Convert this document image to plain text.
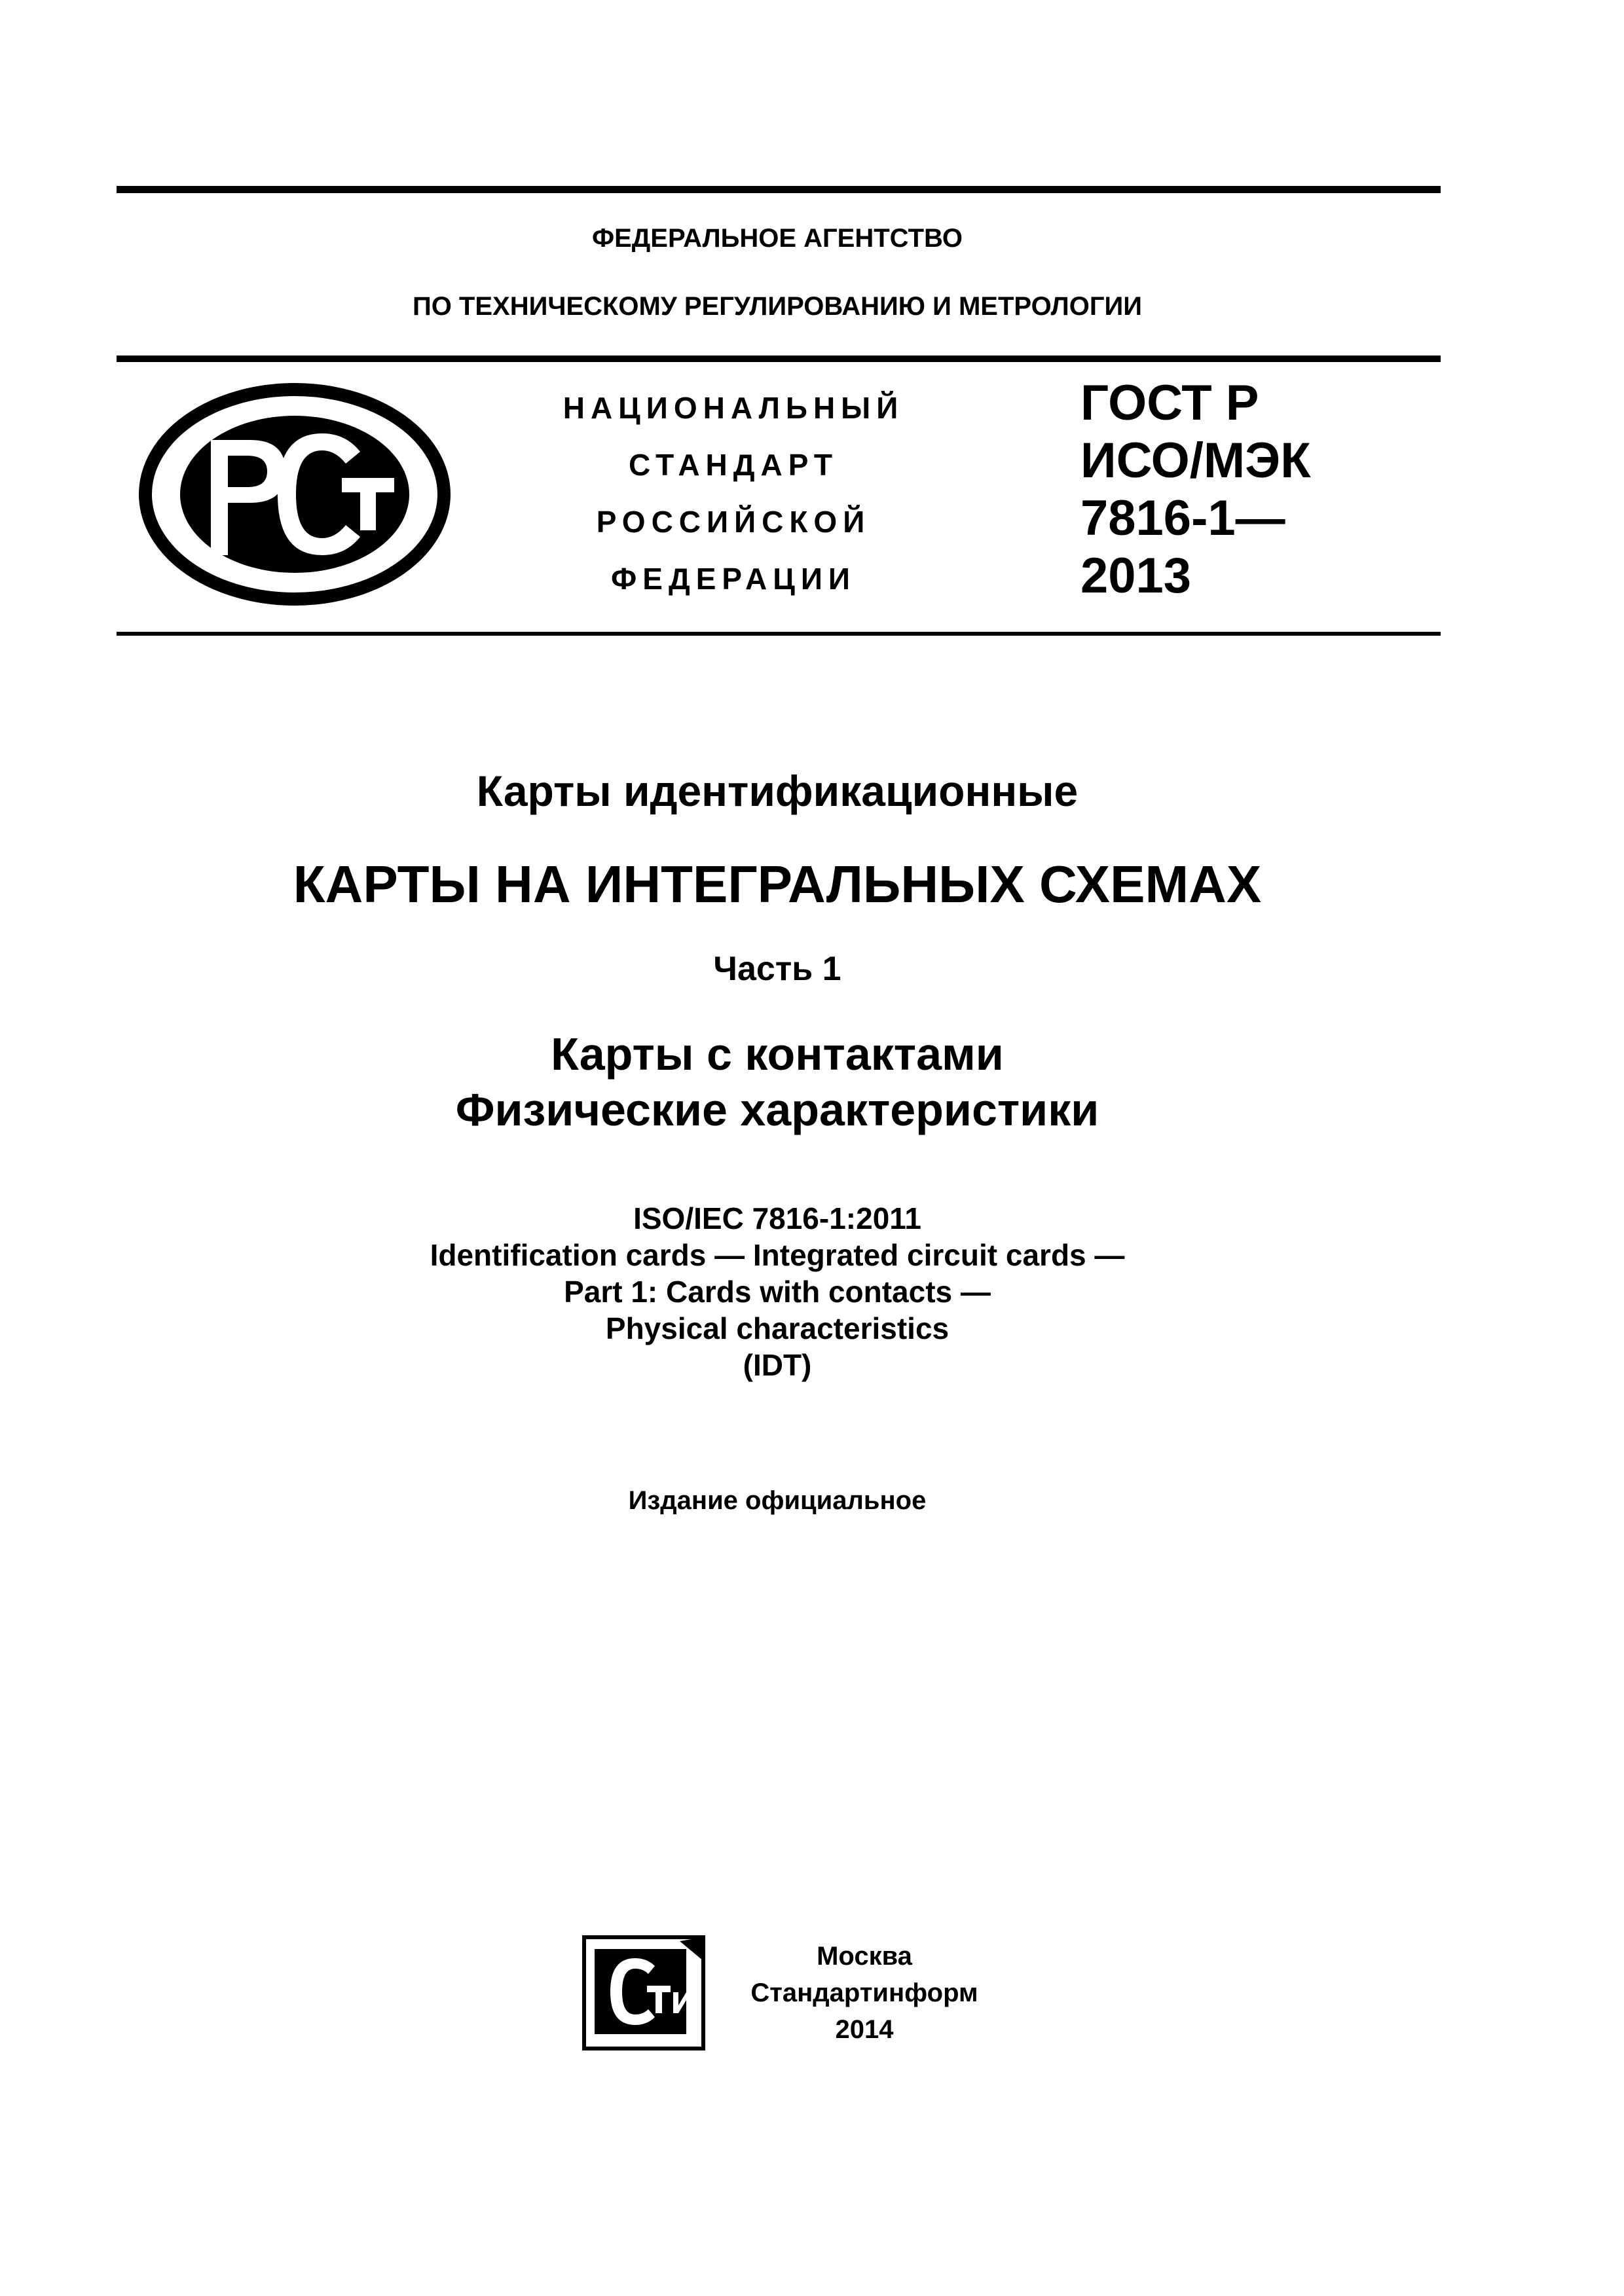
ФЕДЕРАЛЬНОЕ АГЕНТСТВО
ПО ТЕХНИЧЕСКОМУ РЕГУЛИРОВАНИЮ И МЕТРОЛОГИИ
НАЦИОНАЛЬНЫЙ
СТАНДАРТ
РОССИЙСКОЙ
ФЕДЕРАЦИИ
ГОСТ Р
ИСО/МЭК
7816-1—
2013
Карты идентификационные
КАРТЫ НА ИНТЕГРАЛЬНЫХ СХЕМАХ
Часть 1
Карты с контактами
Физические характеристики
ISO/IEC 7816-1:2011
Identification cards — Integrated circuit cards —
Part 1: Cards with contacts —
Physical characteristics
(IDT)
Издание официальное
Москва
Стандартинформ
2014
